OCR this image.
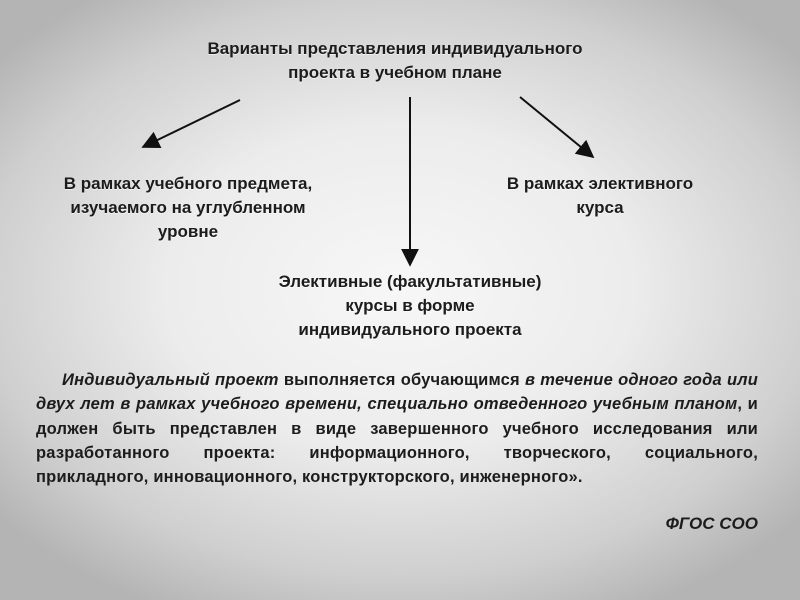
Варианты представления индивидуального
проекта в учебном плане
В рамках учебного предмета,
изучаемого на углубленном
уровне
В рамках элективного
курса
Элективные (факультативные)
курсы в форме
индивидуального проекта
Индивидуальный проект выполняется обучающимся в течение одного года или двух лет в рамках учебного времени, специально отведенного учебным планом, и должен быть представлен в виде завершенного учебного исследования или разработанного проекта: информационного, творческого, социального, прикладного, инновационного, конструкторского, инженерного».
ФГОС СОО
